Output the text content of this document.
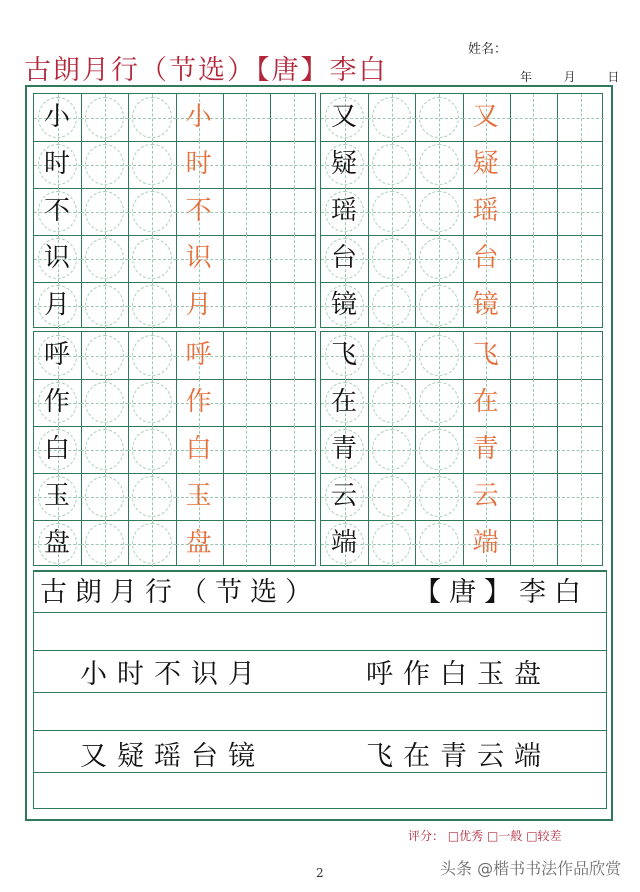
古朗月行（节选）【唐】李白
姓名：
年	月	日
小	小
时	时
不	不
识	识
月	月
又	又
疑	疑
瑶	瑶
台	台
镜	镜
呼	呼
作	作
白	白
玉	玉
盘	盘
飞	飞
在	在
青	青
云	云
端	端
古朗月行（节选）	【唐】李白
小时不识月	呼作白玉盘
又疑瑶台镜	飞在青云端
评分： □优秀 □一般 □较差
2	头条 @楷书书法作品欣赏
